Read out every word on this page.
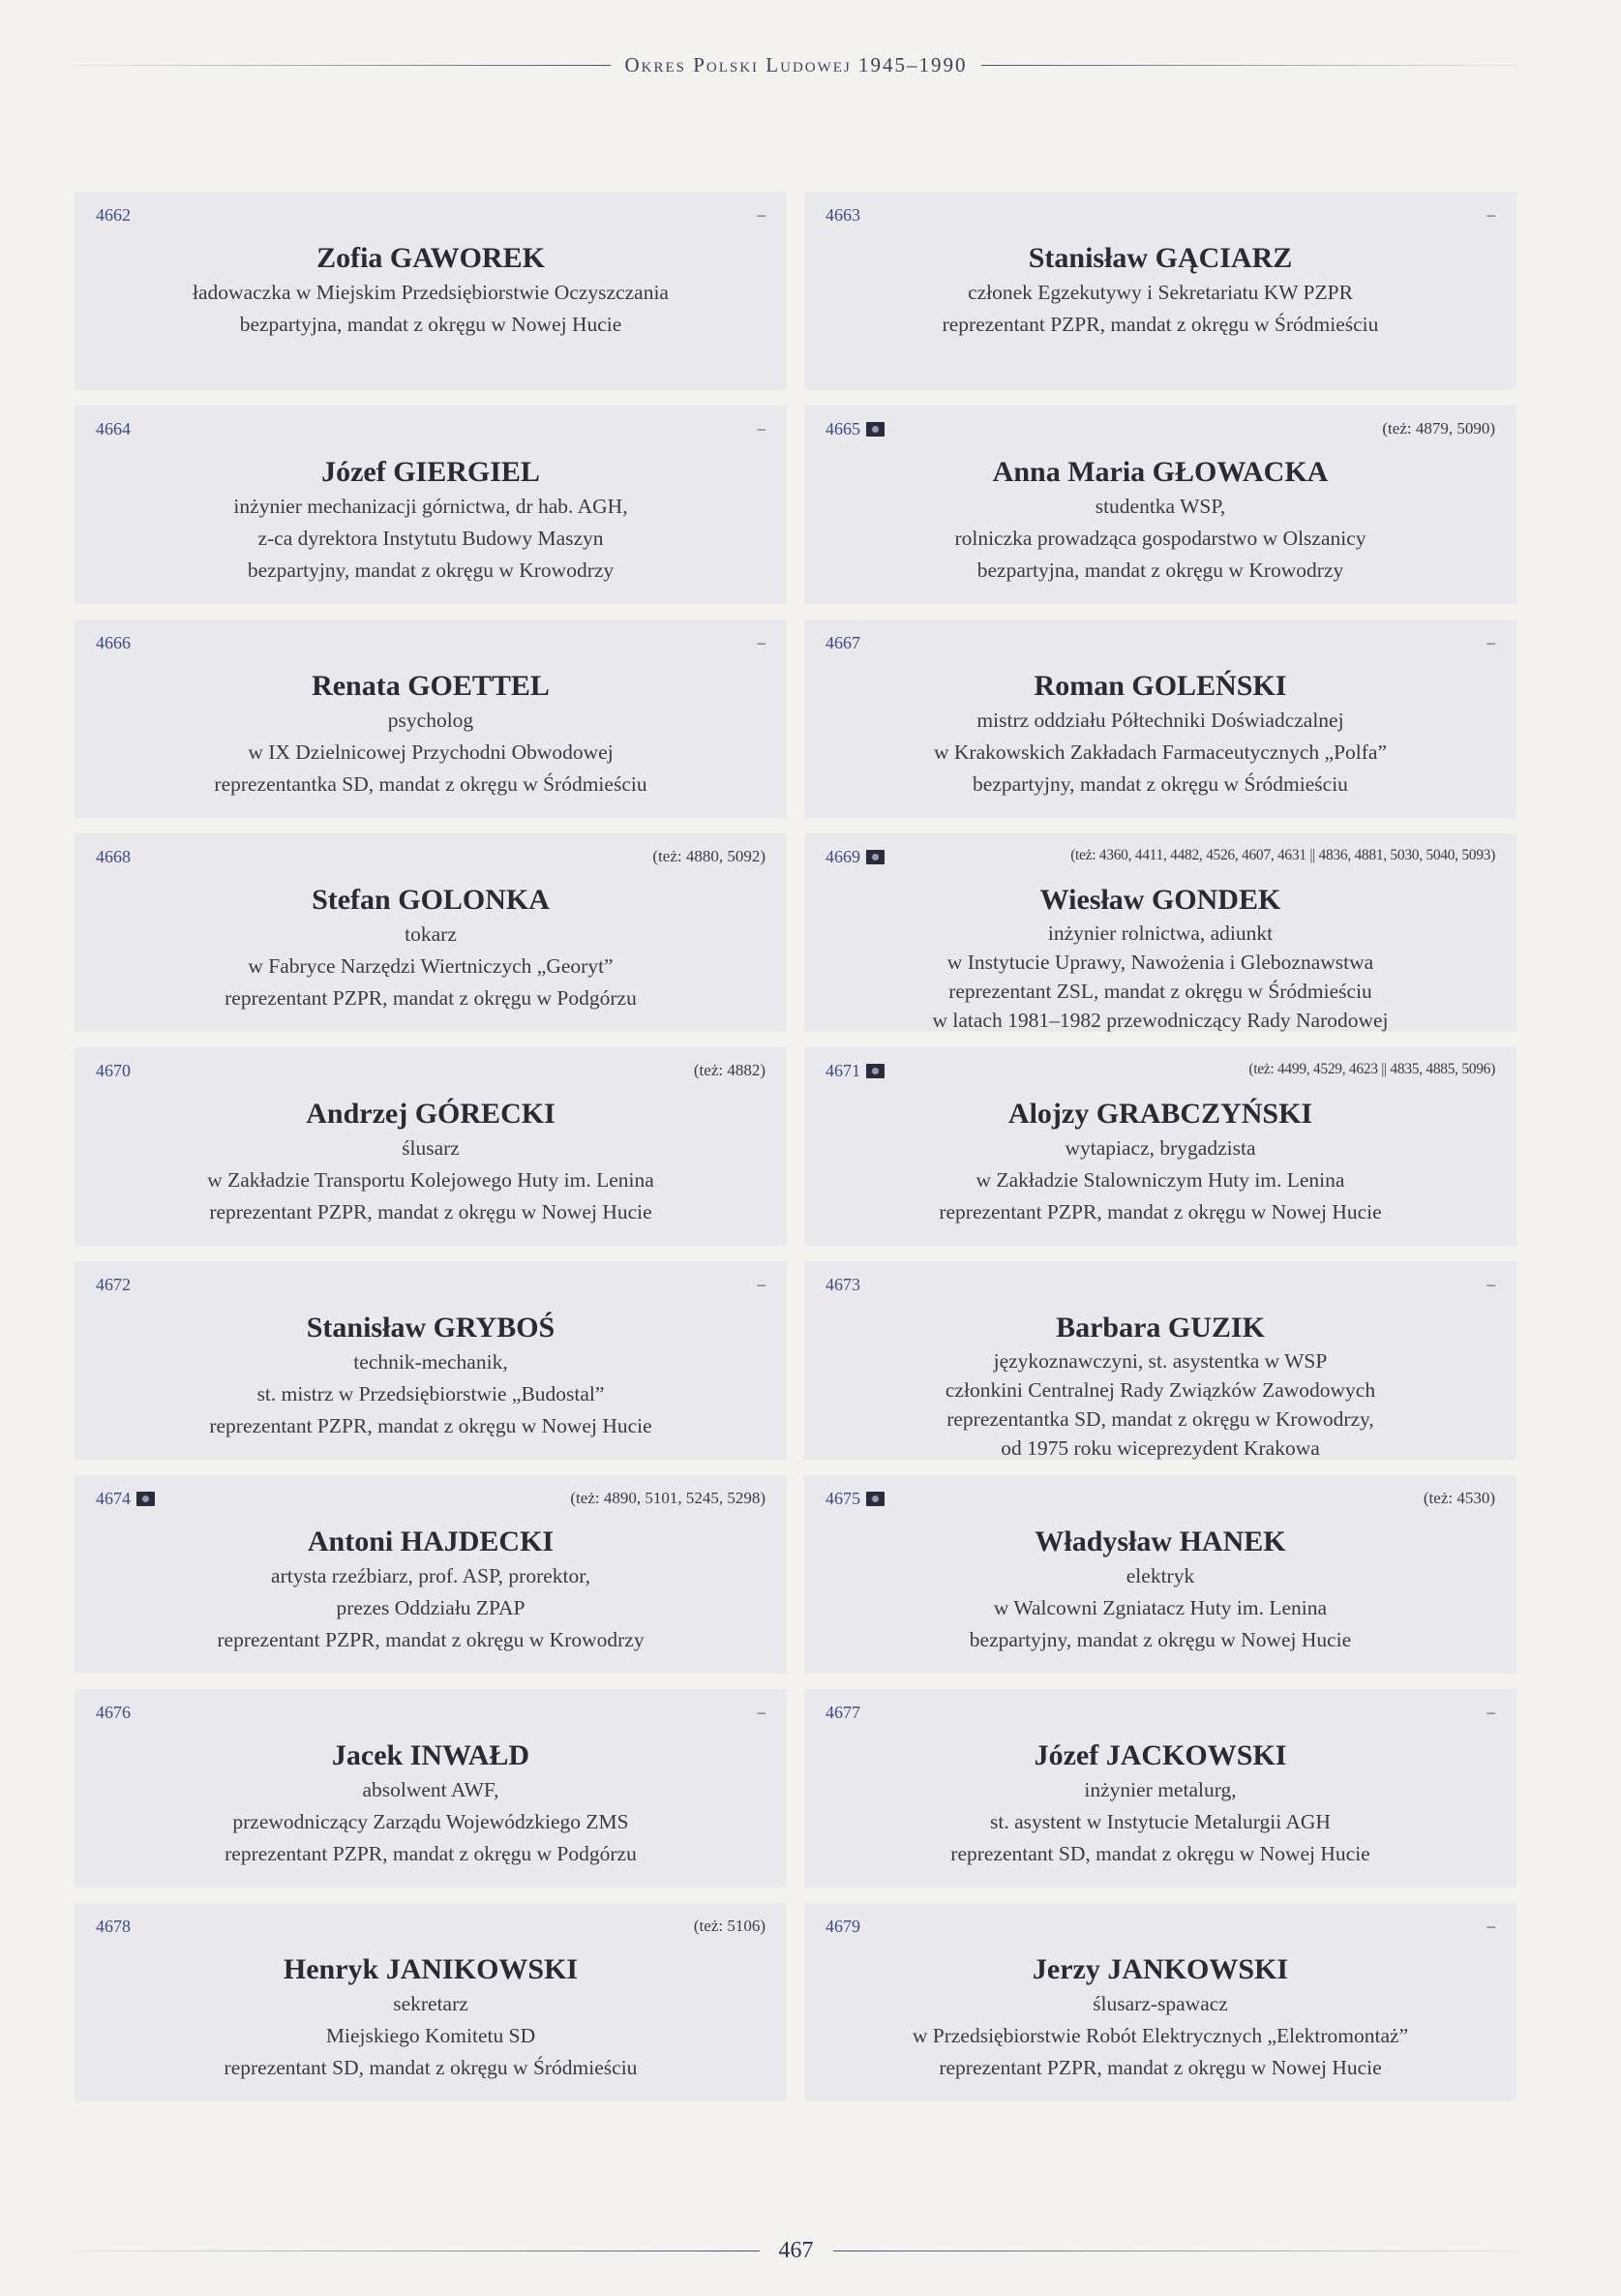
Okres Polski Ludowej 1945–1990
4662	–
Zofia GAWOREK
ładowaczka w Miejskim Przedsiębiorstwie Oczyszczania
bezpartyjna, mandat z okręgu w Nowej Hucie
4663	–
Stanisław GĄCIARZ
członek Egzekutywy i Sekretariatu KW PZPR
reprezentant PZPR, mandat z okręgu w Śródmieściu
4664	–
Józef GIERGIEL
inżynier mechanizacji górnictwa, dr hab. AGH,
z-ca dyrektora Instytutu Budowy Maszyn
bezpartyjny, mandat z okręgu w Krowodrzy
4665	(też: 4879, 5090)
Anna Maria GŁOWACKA
studentka WSP,
rolniczka prowadząca gospodarstwo w Olszanicy
bezpartyjna, mandat z okręgu w Krowodrzy
4666	–
Renata GOETTEL
psycholog
w IX Dzielnicowej Przychodni Obwodowej
reprezentantka SD, mandat z okręgu w Śródmieściu
4667	–
Roman GOLEŃSKI
mistrz oddziału Półtechniki Doświadczalnej
w Krakowskich Zakładach Farmaceutycznych „Polfa”
bezpartyjny, mandat z okręgu w Śródmieściu
4668	(też: 4880, 5092)
Stefan GOLONKA
tokarz
w Fabryce Narzędzi Wiertniczych „Georyt”
reprezentant PZPR, mandat z okręgu w Podgórzu
4669	(też: 4360, 4411, 4482, 4526, 4607, 4631 || 4836, 4881, 5030, 5040, 5093)
Wiesław GONDEK
inżynier rolnictwa, adiunkt
w Instytucie Uprawy, Nawożenia i Gleboznawstwa
reprezentant ZSL, mandat z okręgu w Śródmieściu
w latach 1981–1982 przewodniczący Rady Narodowej
4670	(też: 4882)
Andrzej GÓRECKI
ślusarz
w Zakładzie Transportu Kolejowego Huty im. Lenina
reprezentant PZPR, mandat z okręgu w Nowej Hucie
4671	(też: 4499, 4529, 4623 || 4835, 4885, 5096)
Alojzy GRABCZYŃSKI
wytapiacz, brygadzista
w Zakładzie Stalowniczym Huty im. Lenina
reprezentant PZPR, mandat z okręgu w Nowej Hucie
4672	–
Stanisław GRYBOŚ
technik-mechanik,
st. mistrz w Przedsiębiorstwie „Budostal”
reprezentant PZPR, mandat z okręgu w Nowej Hucie
4673	–
Barbara GUZIK
językoznawczyni, st. asystentka w WSP
członkini Centralnej Rady Związków Zawodowych
reprezentantka SD, mandat z okręgu w Krowodrzy,
od 1975 roku wiceprezydent Krakowa
4674	(też: 4890, 5101, 5245, 5298)
Antoni HAJDECKI
artysta rzeźbiarz, prof. ASP, prorektor,
prezes Oddziału ZPAP
reprezentant PZPR, mandat z okręgu w Krowodrzy
4675	(też: 4530)
Władysław HANEK
elektryk
w Walcowni Zgniatacz Huty im. Lenina
bezpartyjny, mandat z okręgu w Nowej Hucie
4676	–
Jacek INWAŁD
absolwent AWF,
przewodniczący Zarządu Wojewódzkiego ZMS
reprezentant PZPR, mandat z okręgu w Podgórzu
4677	–
Józef JACKOWSKI
inżynier metalurg,
st. asystent w Instytucie Metalurgii AGH
reprezentant SD, mandat z okręgu w Nowej Hucie
4678	(też: 5106)
Henryk JANIKOWSKI
sekretarz
Miejskiego Komitetu SD
reprezentant SD, mandat z okręgu w Śródmieściu
4679	–
Jerzy JANKOWSKI
ślusarz-spawacz
w Przedsiębiorstwie Robót Elektrycznych „Elektromontaż”
reprezentant PZPR, mandat z okręgu w Nowej Hucie
467
